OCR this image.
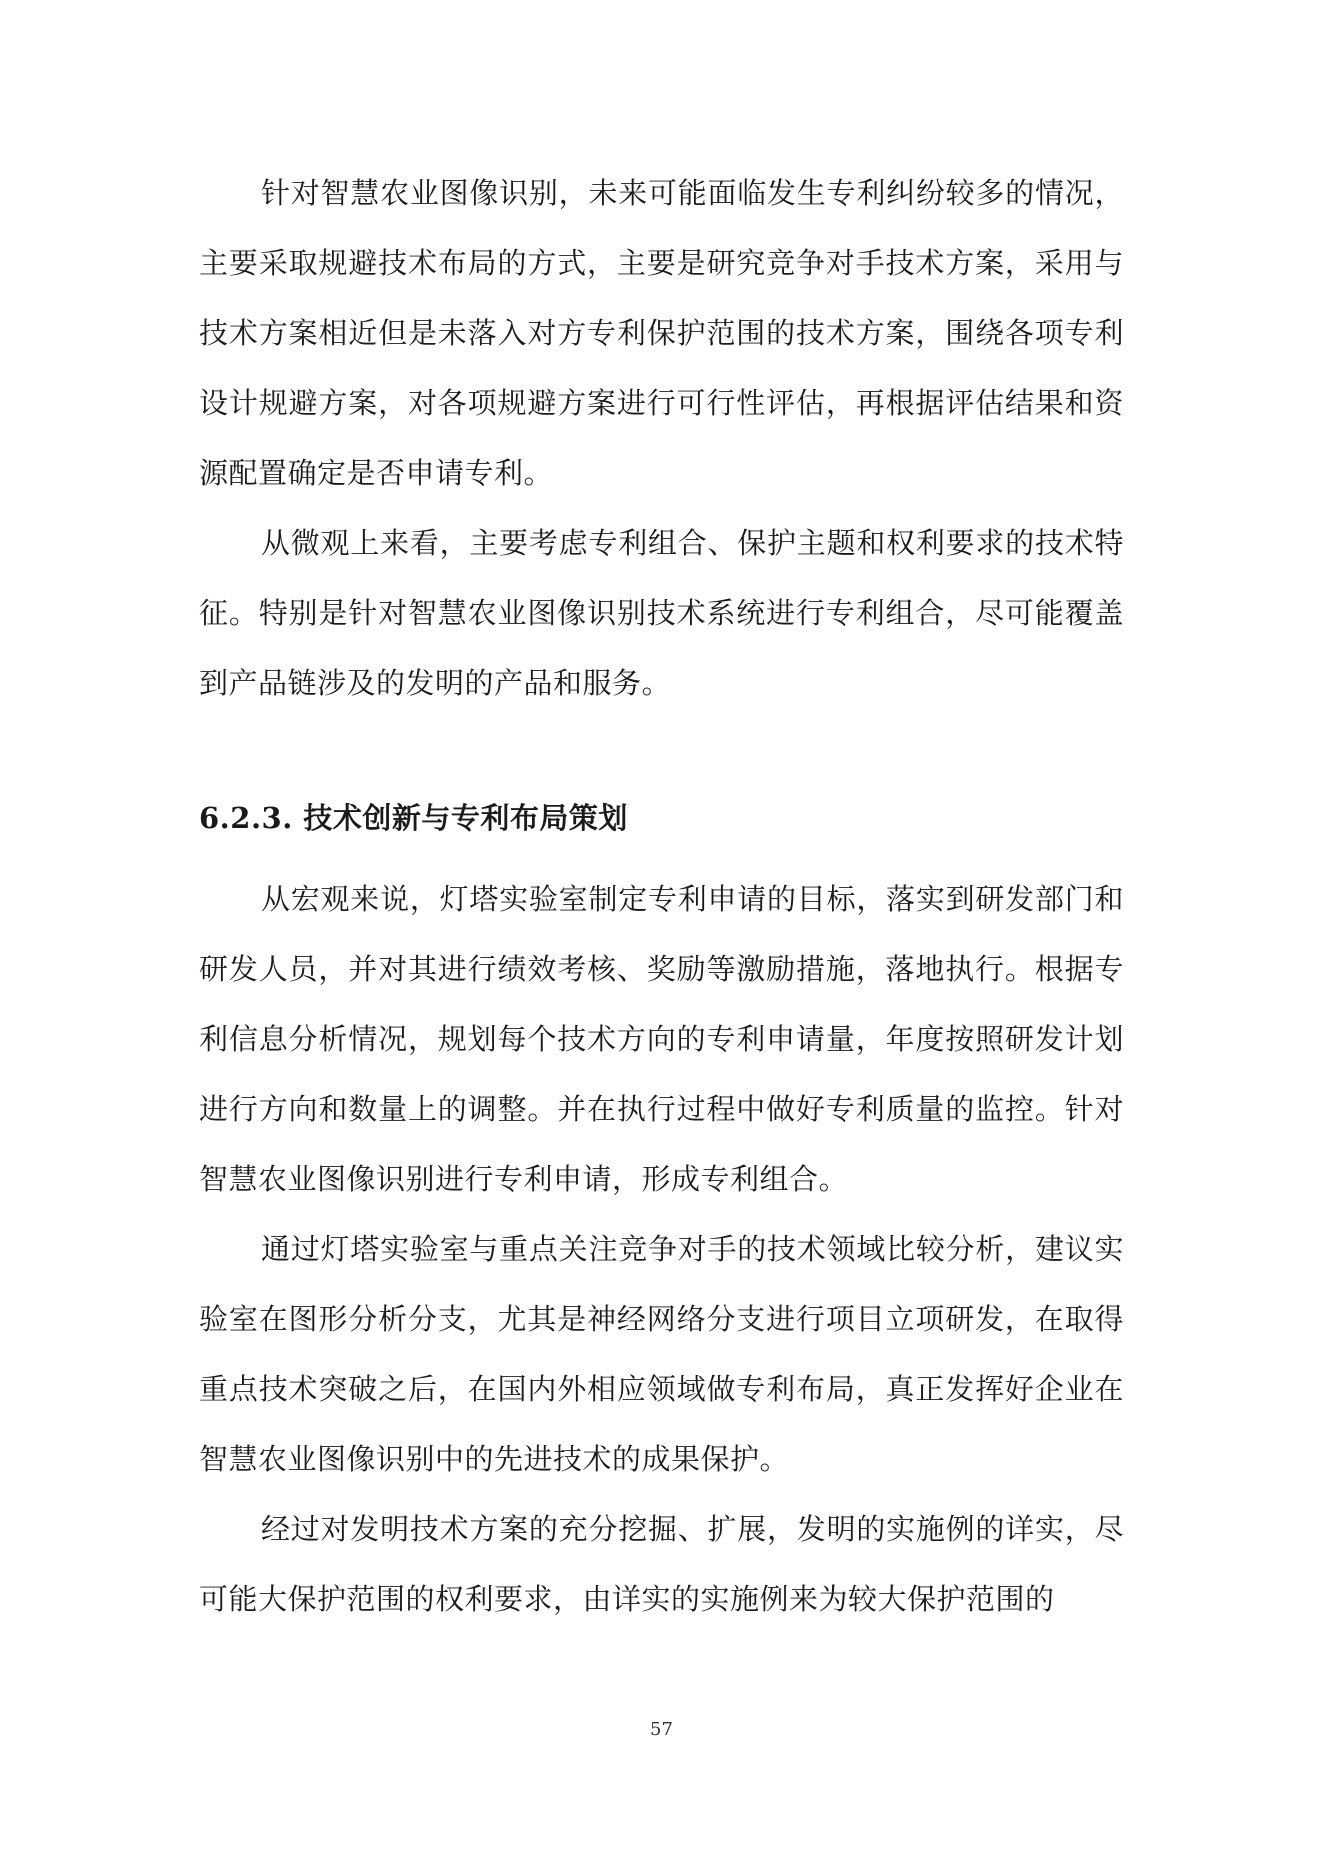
针对智慧农业图像识别，未来可能面临发生专利纠纷较多的情况，主要采取规避技术布局的方式，主要是研究竞争对手技术方案，采用与技术方案相近但是未落入对方专利保护范围的技术方案，围绕各项专利设计规避方案，对各项规避方案进行可行性评估，再根据评估结果和资源配置确定是否申请专利。

从微观上来看，主要考虑专利组合、保护主题和权利要求的技术特征。特别是针对智慧农业图像识别技术系统进行专利组合，尽可能覆盖到产品链涉及的发明的产品和服务。

6.2.3. 技术创新与专利布局策划

从宏观来说，灯塔实验室制定专利申请的目标，落实到研发部门和研发人员，并对其进行绩效考核、奖励等激励措施，落地执行。根据专利信息分析情况，规划每个技术方向的专利申请量，年度按照研发计划进行方向和数量上的调整。并在执行过程中做好专利质量的监控。针对智慧农业图像识别进行专利申请，形成专利组合。

通过灯塔实验室与重点关注竞争对手的技术领域比较分析，建议实验室在图形分析分支，尤其是神经网络分支进行项目立项研发，在取得重点技术突破之后，在国内外相应领域做专利布局，真正发挥好企业在智慧农业图像识别中的先进技术的成果保护。

经过对发明技术方案的充分挖掘、扩展，发明的实施例的详实，尽可能大保护范围的权利要求，由详实的实施例来为较大保护范围的

57
